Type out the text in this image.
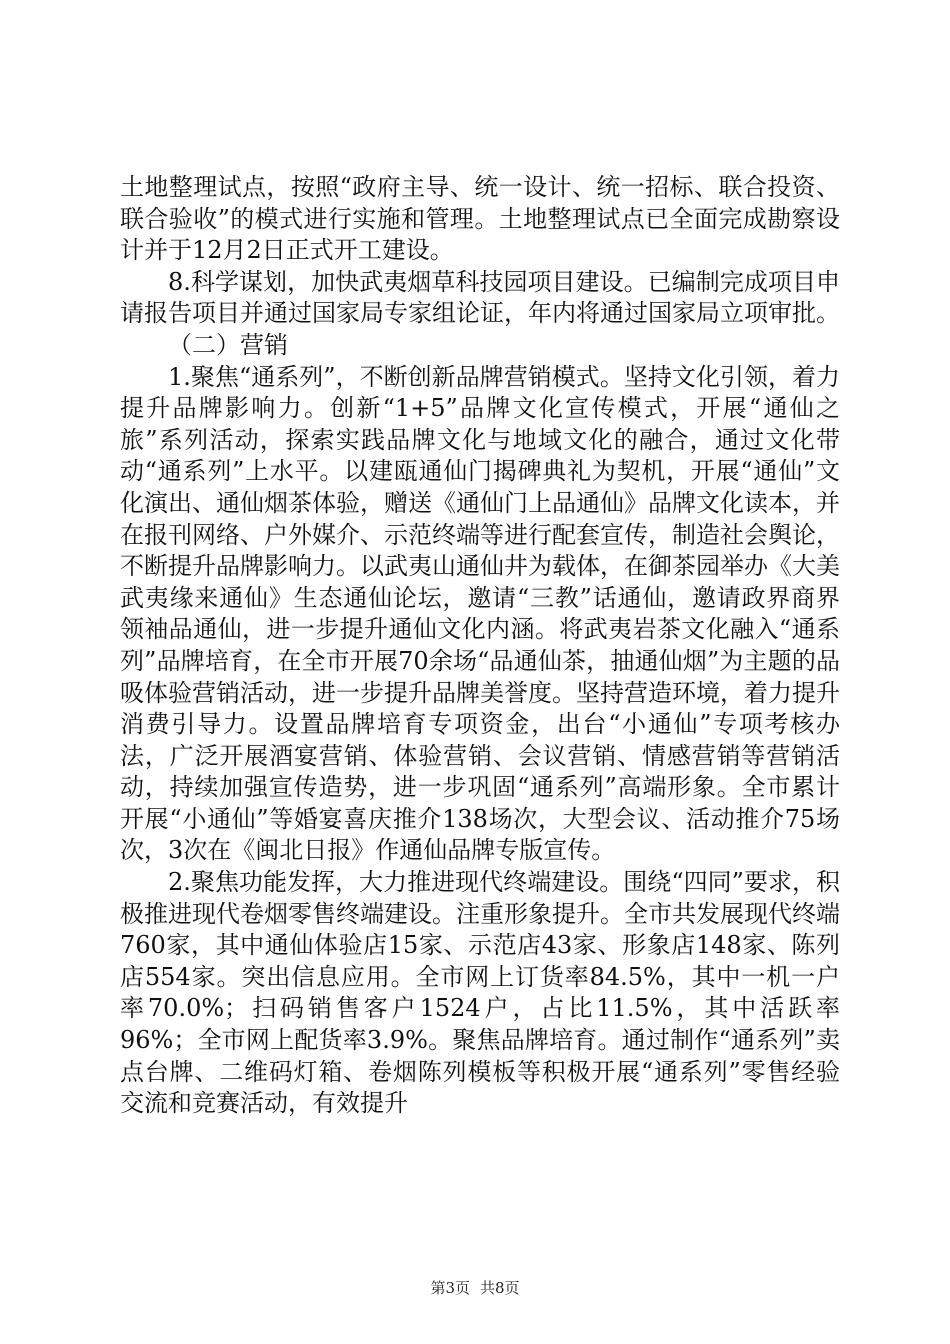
土地整理试点，按照“政府主导、统一设计、统一招标、联合投资、联合验收”的模式进行实施和管理。土地整理试点已全面完成勘察设计并于12月2日正式开工建设。

8.科学谋划，加快武夷烟草科技园项目建设。已编制完成项目申请报告项目并通过国家局专家组论证，年内将通过国家局立项审批。

（二）营销

1.聚焦“通系列”，不断创新品牌营销模式。坚持文化引领，着力提升品牌影响力。创新“1+5”品牌文化宣传模式，开展“通仙之旅”系列活动，探索实践品牌文化与地域文化的融合，通过文化带动“通系列”上水平。以建瓯通仙门揭碑典礼为契机，开展“通仙”文化演出、通仙烟茶体验，赠送《通仙门上品通仙》品牌文化读本，并在报刊网络、户外媒介、示范终端等进行配套宣传，制造社会舆论，不断提升品牌影响力。以武夷山通仙井为载体，在御茶园举办《大美武夷缘来通仙》生态通仙论坛，邀请“三教”话通仙，邀请政界商界领袖品通仙，进一步提升通仙文化内涵。将武夷岩茶文化融入“通系列”品牌培育，在全市开展70余场“品通仙茶，抽通仙烟”为主题的品吸体验营销活动，进一步提升品牌美誉度。坚持营造环境，着力提升消费引导力。设置品牌培育专项资金，出台“小通仙”专项考核办法，广泛开展酒宴营销、体验营销、会议营销、情感营销等营销活动，持续加强宣传造势，进一步巩固“通系列”高端形象。全市累计开展“小通仙”等婚宴喜庆推介138场次，大型会议、活动推介75场次，3次在《闽北日报》作通仙品牌专版宣传。

2.聚焦功能发挥，大力推进现代终端建设。围绕“四同”要求，积极推进现代卷烟零售终端建设。注重形象提升。全市共发展现代终端760家，其中通仙体验店15家、示范店43家、形象店148家、陈列店554家。突出信息应用。全市网上订货率84.5%，其中一机一户率70.0%；扫码销售客户1524户，占比11.5%，其中活跃率96%；全市网上配货率3.9%。聚焦品牌培育。通过制作“通系列”卖点台牌、二维码灯箱、卷烟陈列模板等积极开展“通系列”零售经验交流和竞赛活动，有效提升

第3页 共8页
